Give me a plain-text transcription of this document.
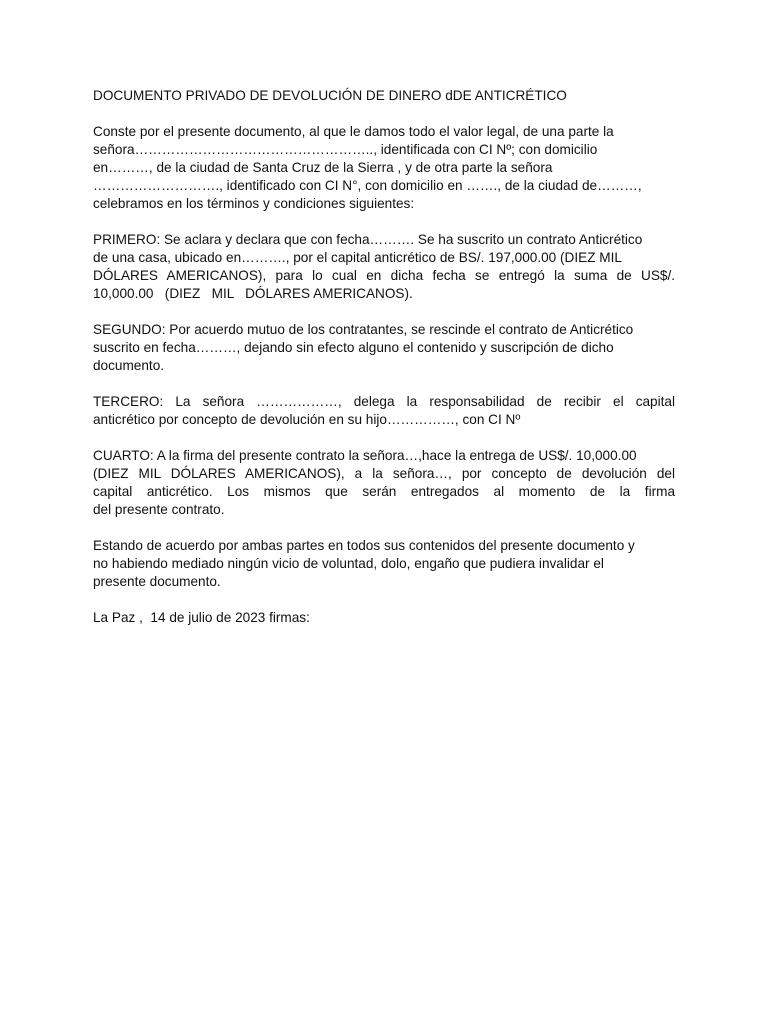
DOCUMENTO PRIVADO DE DEVOLUCIÓN DE DINERO dDE ANTICRÉTICO
Conste por el presente documento, al que le damos todo el valor legal, de una parte la
señora…………………………………………….., identificada con CI Nº; con domicilio
en………, de la ciudad de Santa Cruz de la Sierra , y de otra parte la señora
………………………., identificado con CI N°, con domicilio en ……., de la ciudad de………,
celebramos en los términos y condiciones siguientes:
PRIMERO: Se aclara y declara que con fecha………. Se ha suscrito un contrato Anticrético
de una casa, ubicado en………., por el capital anticrético de BS/. 197,000.00 (DIEZ MIL
DÓLARES AMERICANOS), para lo cual en dicha fecha se entregó la suma de US$/.
10,000.00   (DIEZ   MIL   DÓLARES AMERICANOS).
SEGUNDO: Por acuerdo mutuo de los contratantes, se rescinde el contrato de Anticrético
suscrito en fecha………, dejando sin efecto alguno el contenido y suscripción de dicho
documento.
TERCERO: La señora ………………, delega la responsabilidad de recibir el capital
anticrético por concepto de devolución en su hijo……………, con CI Nº
CUARTO: A la firma del presente contrato la señora…,hace la entrega de US$/. 10,000.00
(DIEZ MIL DÓLARES AMERICANOS), a la señora…, por concepto de devolución del
capital anticrético. Los mismos que serán entregados al momento de la firma
del presente contrato.
Estando de acuerdo por ambas partes en todos sus contenidos del presente documento y
no habiendo mediado ningún vicio de voluntad, dolo, engaño que pudiera invalidar el
presente documento.
La Paz ,  14 de julio de 2023 firmas:
